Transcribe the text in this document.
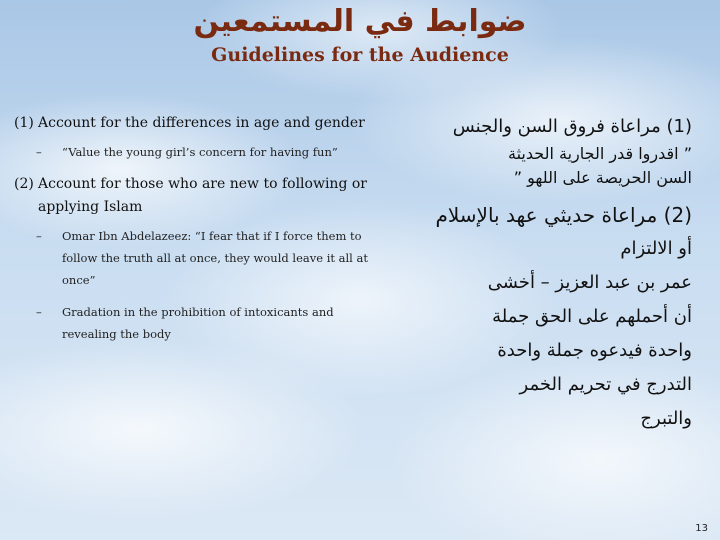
ضوابط في المستمعين
Guidelines for the Audience
(1) Account for the differences in age and gender
– “Value the young girl’s concern for having fun”
(2) Account for those who are new to following or applying Islam
– Omar Ibn Abdelazeez: “I fear that if I force them to follow the truth all at once, they would leave it all at once”
– Gradation in the prohibition of intoxicants and revealing the body
(1) مراعاة فروق السن والجنس
” اقدروا قدر الجارية الحديثة
السن الحريصة على اللهو ”
(2) مراعاة حديثي عهد بالإسلام
أو الالتزام
عمر بن عبد العزيز – أخشى
أن أحملهم على الحق جملة
واحدة فيدعوه جملة واحدة
التدرج في تحريم الخمر
والتبرج
13
